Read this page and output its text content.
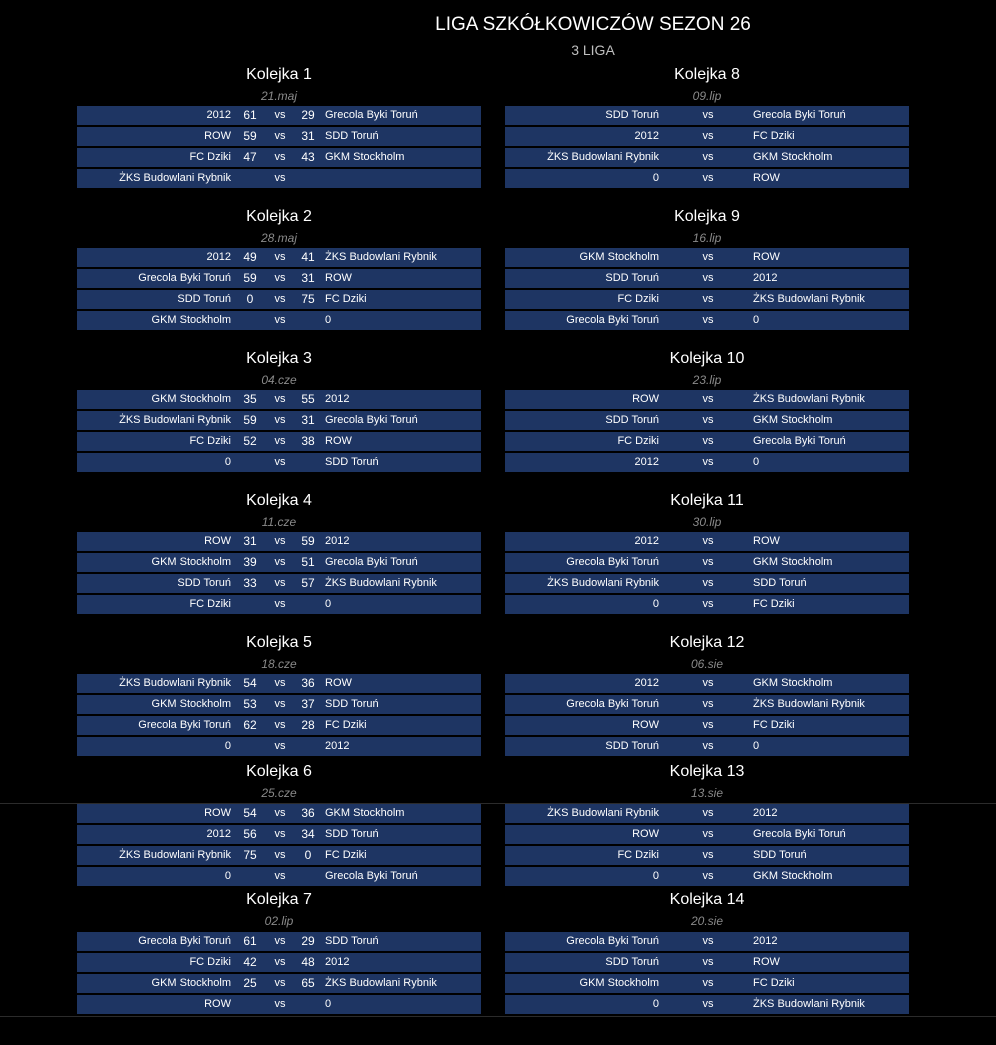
LIGA SZKÓŁKOWICZÓW SEZON 26
3 LIGA
Kolejka 1
21.maj
2012 61	vs	29 Grecola Byki Toruń
ROW 59	vs	31 SDD Toruń
FC Dziki 47	vs	43 GKM Stockholm
ŻKS Budowlani Rybnik	vs
Kolejka 2
28.maj
2012 49	vs	41 ŻKS Budowlani Rybnik
Grecola Byki Toruń 59	vs	31 ROW
SDD Toruń	0	vs	75 FC Dziki
GKM Stockholm	vs	0
Kolejka 3
04.cze
GKM Stockholm 35	vs	55 2012
ŻKS Budowlani Rybnik 59	vs	31 Grecola Byki Toruń
FC Dziki 52	vs	38 ROW
0	vs	SDD Toruń
Kolejka 4
11.cze
ROW 31	vs	59 2012
GKM Stockholm 39	vs	51 Grecola Byki Toruń
SDD Toruń 33	vs	57 ŻKS Budowlani Rybnik
FC Dziki	vs	0
Kolejka 5
18.cze
ŻKS Budowlani Rybnik 54	vs	36 ROW
GKM Stockholm 53	vs	37 SDD Toruń
Grecola Byki Toruń 62	vs	28 FC Dziki
0	vs	2012
Kolejka 6
25.cze
ROW 54	vs	36 GKM Stockholm
2012 56	vs	34 SDD Toruń
ŻKS Budowlani Rybnik 75	vs	0	FC Dziki
0	vs	Grecola Byki Toruń
Kolejka 7
02.lip
Grecola Byki Toruń 61	vs	29 SDD Toruń
FC Dziki 42	vs	48 2012
GKM Stockholm 25	vs	65 ŻKS Budowlani Rybnik
ROW	vs	0
Kolejka 8
09.lip
SDD Toruń	vs	Grecola Byki Toruń
2012	vs	FC Dziki
ŻKS Budowlani Rybnik	vs	GKM Stockholm
0	vs	ROW
Kolejka 9
16.lip
GKM Stockholm	vs	ROW
SDD Toruń	vs	2012
FC Dziki	vs	ŻKS Budowlani Rybnik
Grecola Byki Toruń	vs	0
Kolejka 10
23.lip
ROW	vs	ŻKS Budowlani Rybnik
SDD Toruń	vs	GKM Stockholm
FC Dziki	vs	Grecola Byki Toruń
2012	vs	0
Kolejka 11
30.lip
2012	vs	ROW
Grecola Byki Toruń	vs	GKM Stockholm
ŻKS Budowlani Rybnik	vs	SDD Toruń
0	vs	FC Dziki
Kolejka 12
06.sie
2012	vs	GKM Stockholm
Grecola Byki Toruń	vs	ŻKS Budowlani Rybnik
ROW	vs	FC Dziki
SDD Toruń	vs	0
Kolejka 13
13.sie
ŻKS Budowlani Rybnik	vs	2012
ROW	vs	Grecola Byki Toruń
FC Dziki	vs	SDD Toruń
0	vs	GKM Stockholm
Kolejka 14
20.sie
Grecola Byki Toruń	vs	2012
SDD Toruń	vs	ROW
GKM Stockholm	vs	FC Dziki
0	vs	ŻKS Budowlani Rybnik
